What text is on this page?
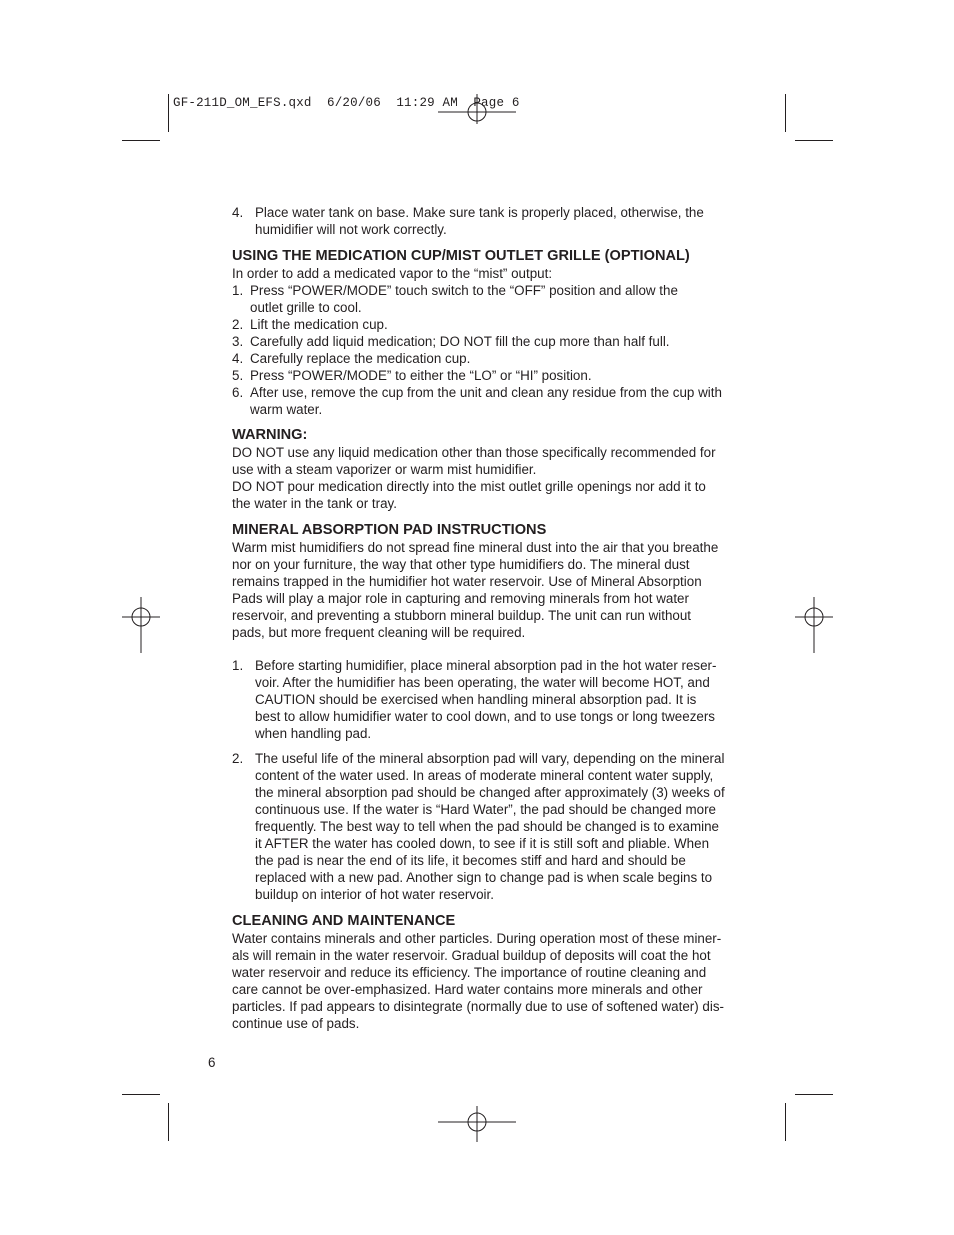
GF-211D_OM_EFS.qxd  6/20/06  11:29 AM  Page 6
4. Place water tank on base. Make sure tank is properly placed, otherwise, the
humidifier will not work correctly.
USING THE MEDICATION CUP/MIST OUTLET GRILLE (OPTIONAL)
In order to add a medicated vapor to the “mist” output:
1. Press “POWER/MODE” touch switch to the “OFF” position and allow the
outlet grille to cool.
2. Lift the medication cup.
3. Carefully add liquid medication; DO NOT fill the cup more than half full.
4. Carefully replace the medication cup.
5. Press “POWER/MODE” to either the “LO” or “HI” position.
6. After use, remove the cup from the unit and clean any residue from the cup with
warm water.
WARNING:
DO NOT use any liquid medication other than those specifically recommended for
use with a steam vaporizer or warm mist humidifier.
DO NOT pour medication directly into the mist outlet grille openings nor add it to
the water in the tank or tray.
MINERAL ABSORPTION PAD INSTRUCTIONS
Warm mist humidifiers do not spread fine mineral dust into the air that you breathe
nor on your furniture, the way that other type humidifiers do. The mineral dust
remains trapped in the humidifier hot water reservoir. Use of Mineral Absorption
Pads will play a major role in capturing and removing minerals from hot water
reservoir, and preventing a stubborn mineral buildup. The unit can run without
pads, but more frequent cleaning will be required.
1. Before starting humidifier, place mineral absorption pad in the hot water reser-
voir. After the humidifier has been operating, the water will become HOT, and
CAUTION should be exercised when handling mineral absorption pad. It is
best to allow humidifier water to cool down, and to use tongs or long tweezers
when handling pad.
2. The useful life of the mineral absorption pad will vary, depending on the mineral
content of the water used. In areas of moderate mineral content water supply,
the mineral absorption pad should be changed after approximately (3) weeks of
continuous use. If the water is “Hard Water”, the pad should be changed more
frequently. The best way to tell when the pad should be changed is to examine
it AFTER the water has cooled down, to see if it is still soft and pliable. When
the pad is near the end of its life, it becomes stiff and hard and should be
replaced with a new pad. Another sign to change pad is when scale begins to
buildup on interior of hot water reservoir.
CLEANING AND MAINTENANCE
Water contains minerals and other particles. During operation most of these miner-
als will remain in the water reservoir. Gradual buildup of deposits will coat the hot
water reservoir and reduce its efficiency. The importance of routine cleaning and
care cannot be over-emphasized. Hard water contains more minerals and other
particles. If pad appears to disintegrate (normally due to use of softened water) dis-
continue use of pads.
6
